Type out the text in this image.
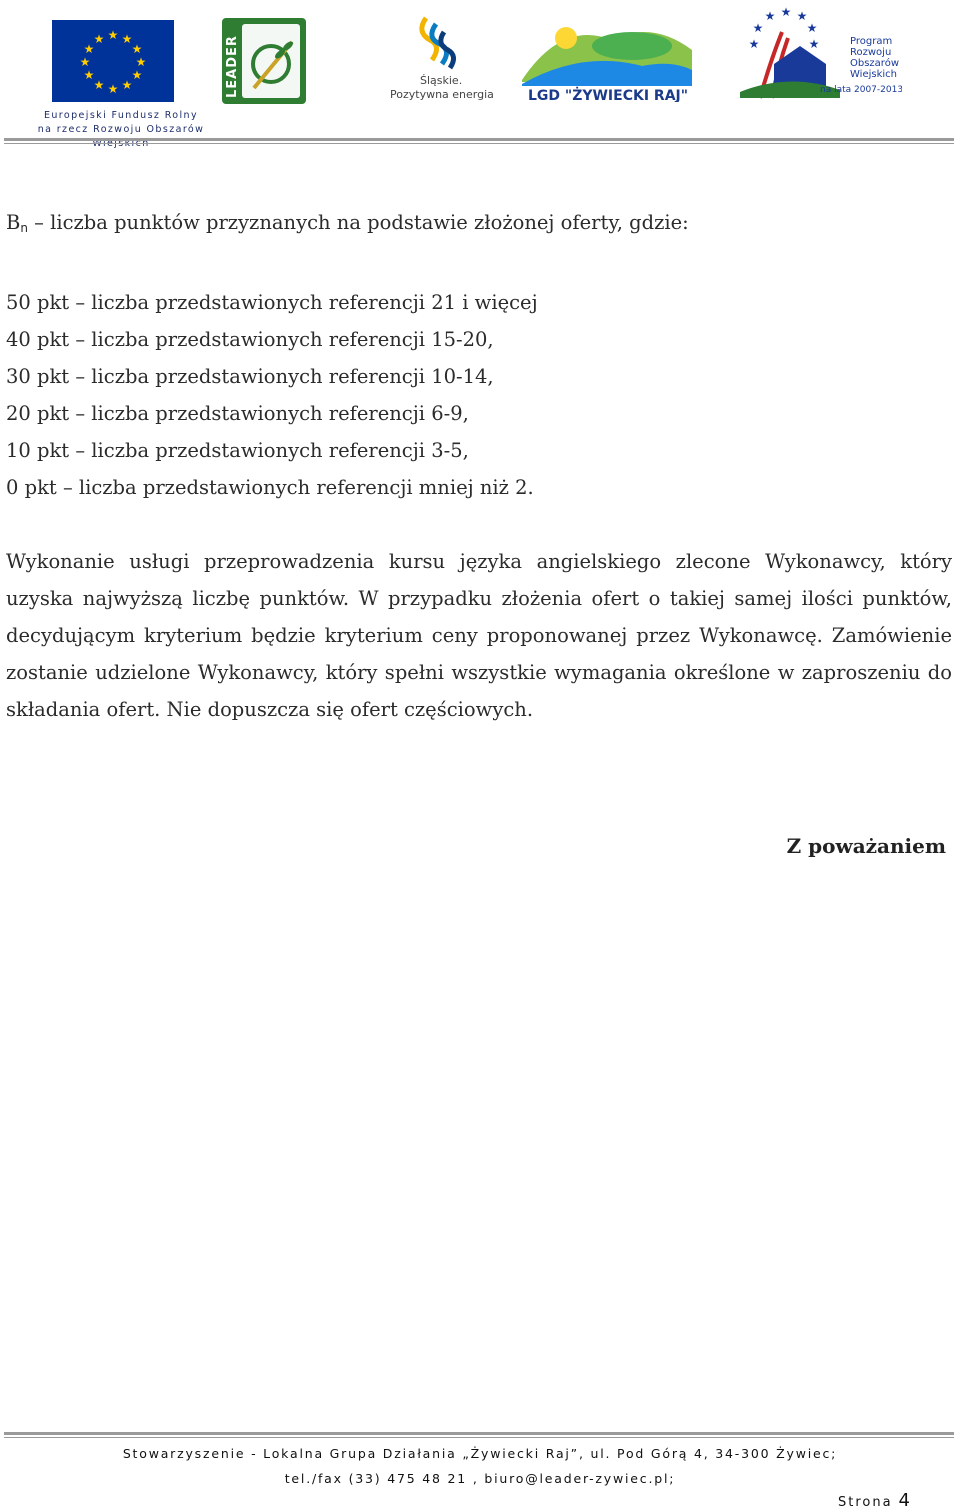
★ ★
★
★
★
★
★
★
★
★
★
★
Europejski Fundusz Rolny
na rzecz Rozwoju Obszarów Wiejskich
LEADER	Śląskie.
Pozytywna energia LGD "ŻYWIECKI RAJ"
★ ★
★
★
★
★
★	Program
Rozwoju
Obszarów
Wiejskich
na lata 2007-2013
$B_n$ – liczba punktów przyznanych na podstawie złożonej oferty, gdzie:
50 pkt – liczba przedstawionych referencji 21 i więcej
40 pkt – liczba przedstawionych referencji 15-20,
30 pkt – liczba przedstawionych referencji 10-14,
20 pkt – liczba przedstawionych referencji 6-9,
10 pkt – liczba przedstawionych referencji 3-5,
0 pkt – liczba przedstawionych referencji mniej niż 2.
Wykonanie usługi przeprowadzenia kursu języka angielskiego zlecone Wykonawcy, który uzyska najwyższą liczbę punktów. W przypadku złożenia ofert o takiej samej ilości punktów, decydującym kryterium będzie kryterium ceny proponowanej przez Wykonawcę. Zamówienie zostanie udzielone Wykonawcy, który spełni wszystkie wymagania określone w zaproszeniu do składania ofert. Nie dopuszcza się ofert częściowych.
Z poważaniem
Stowarzyszenie - Lokalna Grupa Działania „Żywiecki Raj”, ul. Pod Górą 4, 34-300 Żywiec;
tel./fax (33) 475 48 21 , biuro@leader-zywiec.pl;
Strona 4
